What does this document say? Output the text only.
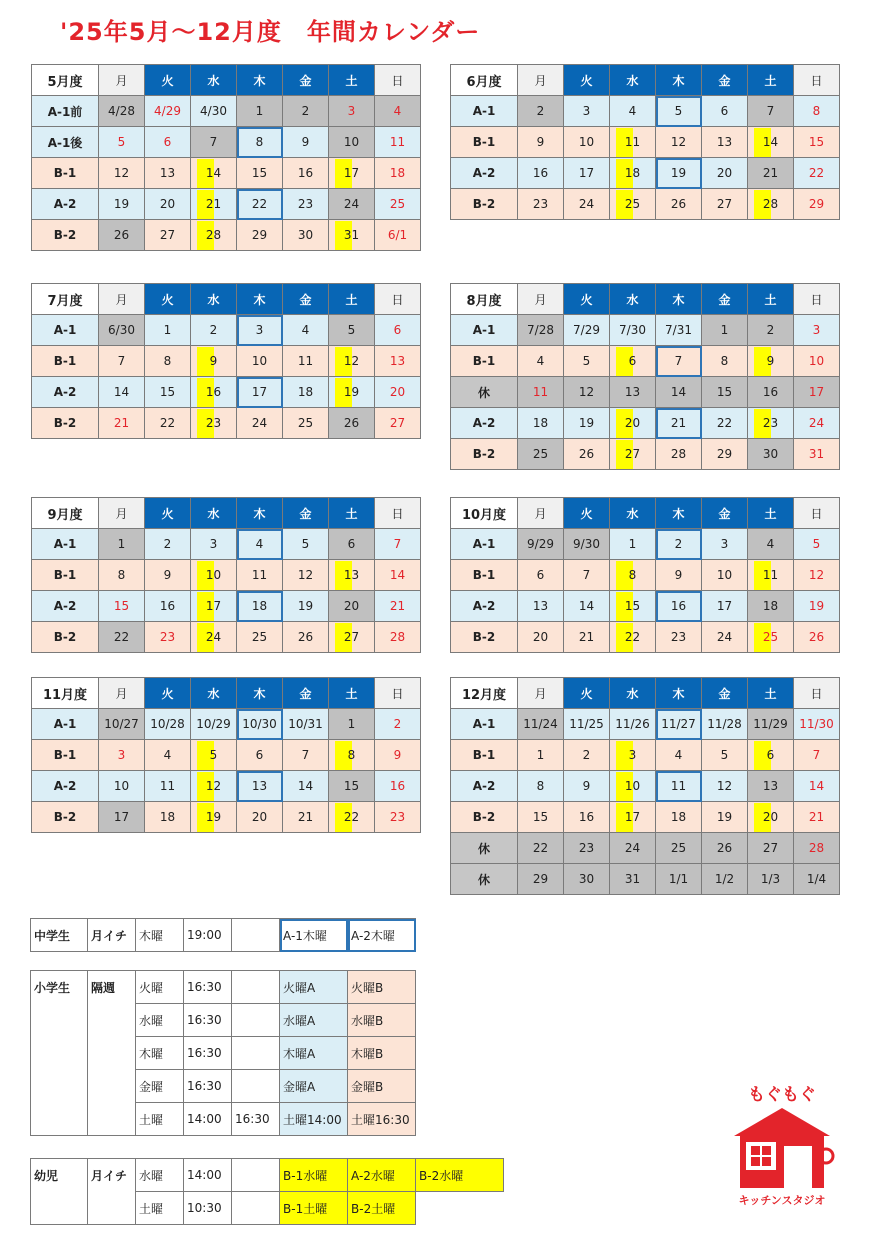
'25年5月～12月度　年間カレンダー
5月度	月	火	水	木	金	土	日
A-1前	4/28	4/29	4/30	1	2	3	4
A-1後	5	6	7	8	9	10	11
B-1	12	13	14	15	16	17	18
A-2	19	20	21	22	23	24	25
B-2	26	27	28	29	30	31	6/1
6月度	月	火	水	木	金	土	日
A-1	2	3	4	5	6	7	8
B-1	9	10	11	12	13	14	15
A-2	16	17	18	19	20	21	22
B-2	23	24	25	26	27	28	29
7月度	月	火	水	木	金	土	日
A-1	6/30	1	2	3	4	5	6
B-1	7	8	9	10	11	12	13
A-2	14	15	16	17	18	19	20
B-2	21	22	23	24	25	26	27
8月度	月	火	水	木	金	土	日
A-1	7/28	7/29	7/30	7/31	1	2	3
B-1	4	5	6	7	8	9	10
休	11	12	13	14	15	16	17
A-2	18	19	20	21	22	23	24
B-2	25	26	27	28	29	30	31
9月度	月	火	水	木	金	土	日
A-1	1	2	3	4	5	6	7
B-1	8	9	10	11	12	13	14
A-2	15	16	17	18	19	20	21
B-2	22	23	24	25	26	27	28
10月度	月	火	水	木	金	土	日
A-1	9/29	9/30	1	2	3	4	5
B-1	6	7	8	9	10	11	12
A-2	13	14	15	16	17	18	19
B-2	20	21	22	23	24	25	26
11月度	月	火	水	木	金	土	日
A-1	10/27	10/28	10/29	10/30	10/31	1	2
B-1	3	4	5	6	7	8	9
A-2	10	11	12	13	14	15	16
B-2	17	18	19	20	21	22	23
12月度	月	火	水	木	金	土	日
A-1	11/24	11/25	11/26	11/27	11/28	11/29	11/30
B-1	1	2	3	4	5	6	7
A-2	8	9	10	11	12	13	14
B-2	15	16	17	18	19	20	21
休	22	23	24	25	26	27	28
休	29	30	31	1/1	1/2	1/3	1/4
中学生	月イチ	木曜	19:00		A-1木曜	A-2木曜
小学生	隔週	火曜	16:30		火曜A	火曜B
		水曜	16:30		水曜A	水曜B
		木曜	16:30		木曜A	木曜B
		金曜	16:30		金曜A	金曜B
		土曜	14:00	16:30	土曜14:00	土曜16:30
幼児	月イチ	水曜	14:00		B-1水曜	A-2水曜	B-2水曜
		土曜	10:30		B-1土曜	B-2土曜	
もぐもぐ
キッチンスタジオ
